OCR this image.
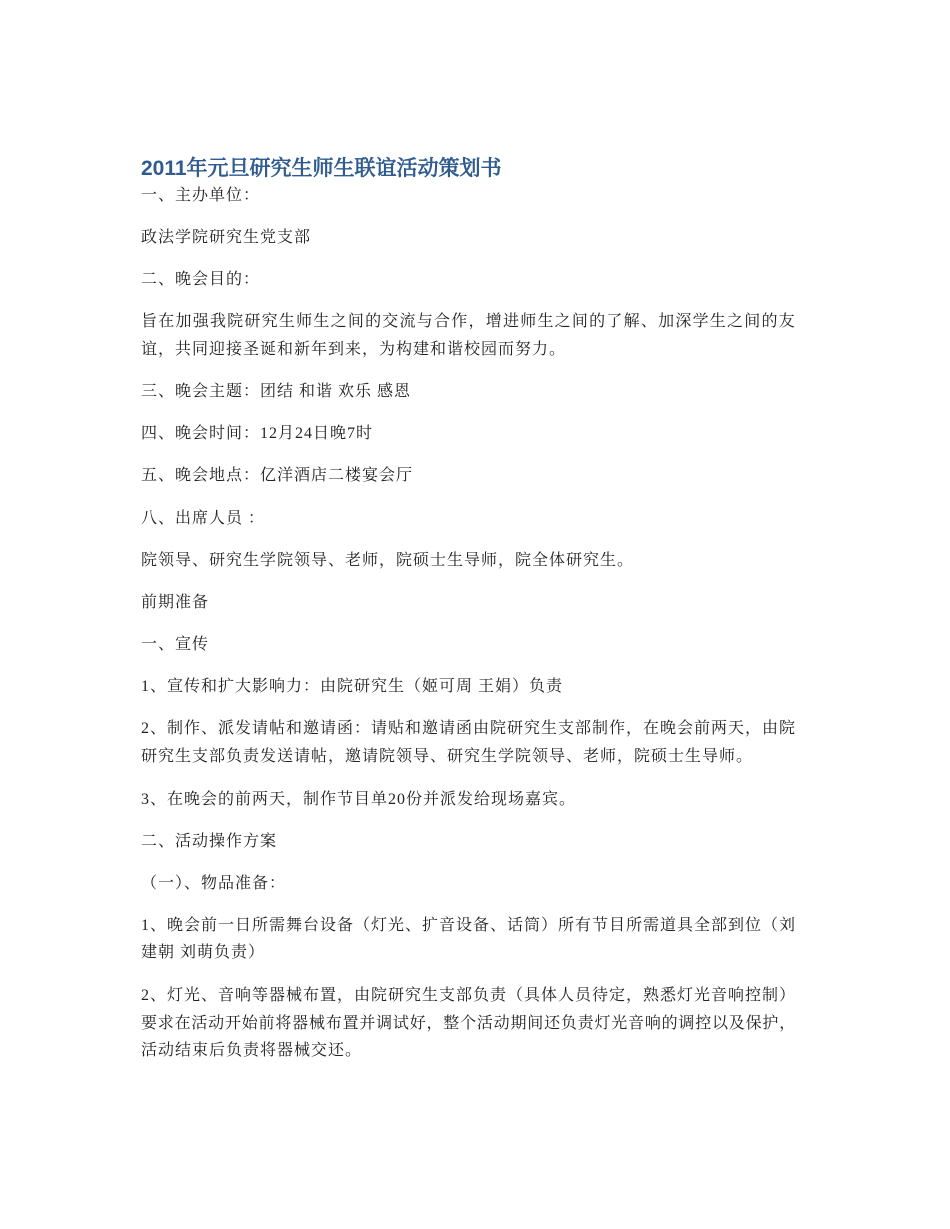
2011年元旦研究生师生联谊活动策划书
一、主办单位：
政法学院研究生党支部
二、晚会目的：
旨在加强我院研究生师生之间的交流与合作，增进师生之间的了解、加深学生之间的友
谊，共同迎接圣诞和新年到来，为构建和谐校园而努力。
三、晚会主题：团结 和谐 欢乐 感恩
四、晚会时间：12月24日晚7时
五、晚会地点：亿洋酒店二楼宴会厅
八、出席人员 ：
院领导、研究生学院领导、老师，院硕士生导师，院全体研究生。
前期准备
一、宣传
1、宣传和扩大影响力：由院研究生（姬可周 王娟）负责
2、制作、派发请帖和邀请函：请贴和邀请函由院研究生支部制作，在晚会前两天，由院
研究生支部负责发送请帖，邀请院领导、研究生学院领导、老师，院硕士生导师。
3、在晚会的前两天，制作节目单20份并派发给现场嘉宾。
二、活动操作方案
（一）、物品准备：
1、晚会前一日所需舞台设备（灯光、扩音设备、话筒）所有节目所需道具全部到位（刘
建朝 刘萌负责）
2、灯光、音响等器械布置，由院研究生支部负责（具体人员待定，熟悉灯光音响控制）
要求在活动开始前将器械布置并调试好，整个活动期间还负责灯光音响的调控以及保护，
活动结束后负责将器械交还。
